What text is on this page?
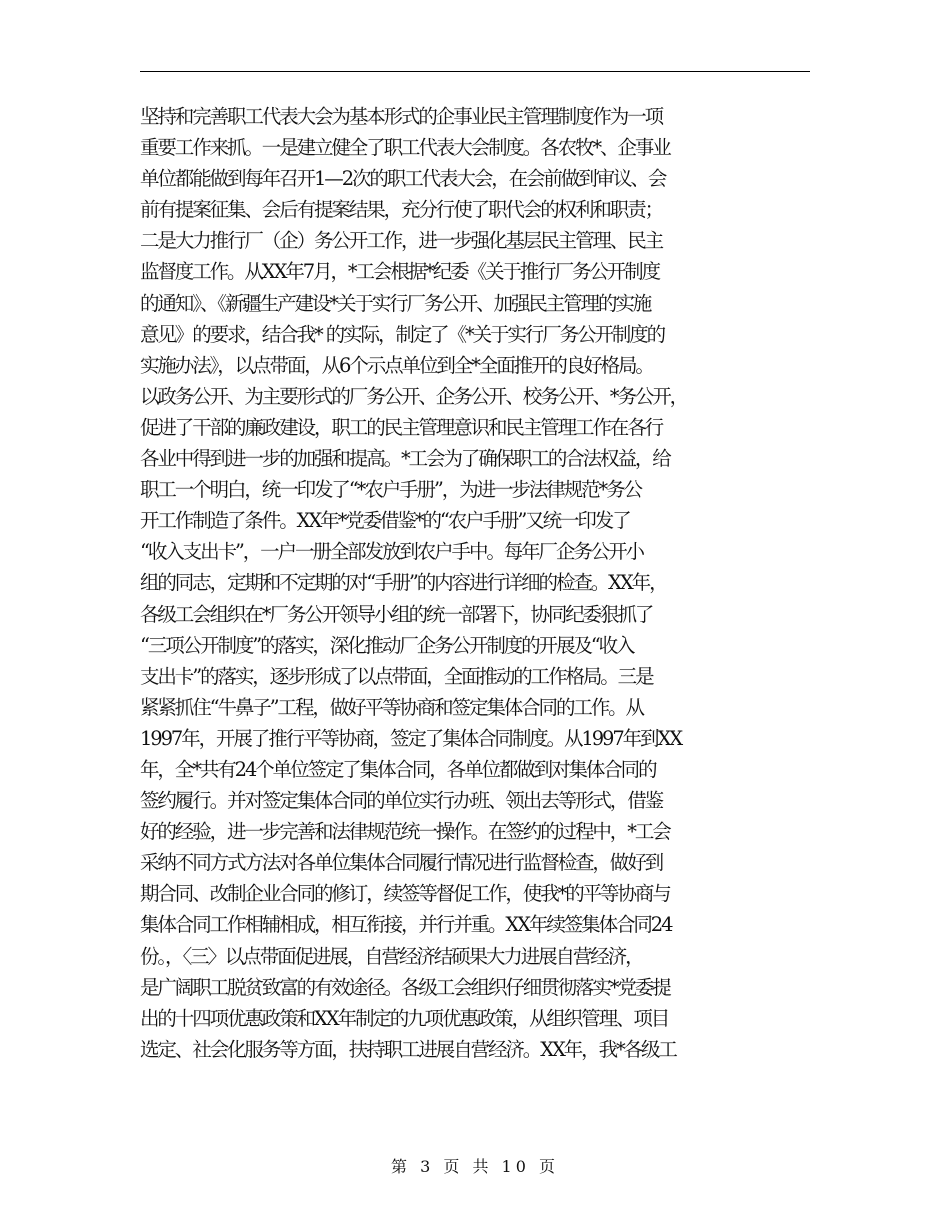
坚持和完善职工代表大会为基本形式的企事业民主管理制度作为一项
重要工作来抓。一是建立健全了职工代表大会制度。各农牧*、企事业
单位都能做到每年召开1—2次的职工代表大会，在会前做到审议、会
前有提案征集、会后有提案结果，充分行使了职代会的权利和职责；
二是大力推行厂（企）务公开工作，进一步强化基层民主管理、民主
监督度工作。从XX年7月，*工会根据*纪委《关于推行厂务公开制度
的通知》、《新疆生产建设*关于实行厂务公开、加强民主管理的实施
意见》的要求，结合我* 的实际，制定了《*关于实行厂务公开制度的
实施办法》，以点带面，从6个示点单位到全*全面推开的良好格局。
以政务公开、为主要形式的厂务公开、企务公开、校务公开、*务公开，
促进了干部的廉政建设，职工的民主管理意识和民主管理工作在各行
各业中得到进一步的加强和提高。*工会为了确保职工的合法权益，给
职工一个明白，统一印发了“*农户手册”，为进一步法律规范*务公
开工作制造了条件。XX年*党委借鉴*的“农户手册”又统一印发了
“收入支出卡”，一户一册全部发放到农户手中。每年厂企务公开小
组的同志，定期和不定期的对“手册”的内容进行详细的检查。XX年，
各级工会组织在*厂务公开领导小组的统一部署下，协同纪委狠抓了
“三项公开制度”的落实，深化推动厂企务公开制度的开展及“收入
支出卡”的落实，逐步形成了以点带面，全面推动的工作格局。三是
紧紧抓住“牛鼻子”工程，做好平等协商和签定集体合同的工作。从
1997年，开展了推行平等协商，签定了集体合同制度。从1997年到XX
年，全*共有24个单位签定了集体合同，各单位都做到对集体合同的
签约履行。并对签定集体合同的单位实行办班、领出去等形式，借鉴
好的经验，进一步完善和法律规范统一操作。在签约的过程中，*工会
采纳不同方式方法对各单位集体合同履行情况进行监督检查，做好到
期合同、改制企业合同的修订，续签等督促工作，使我*的平等协商与
集体合同工作相辅相成，相互衔接，并行并重。XX年续签集体合同24
份。，〈三〉以点带面促进展，自营经济结硕果大力进展自营经济，
是广阔职工脱贫致富的有效途径。各级工会组织仔细贯彻落实*党委提
出的十四项优惠政策和XX年制定的九项优惠政策，从组织管理、项目
选定、社会化服务等方面，扶持职工进展自营经济。XX年，我*各级工
第 3 页 共 10 页
